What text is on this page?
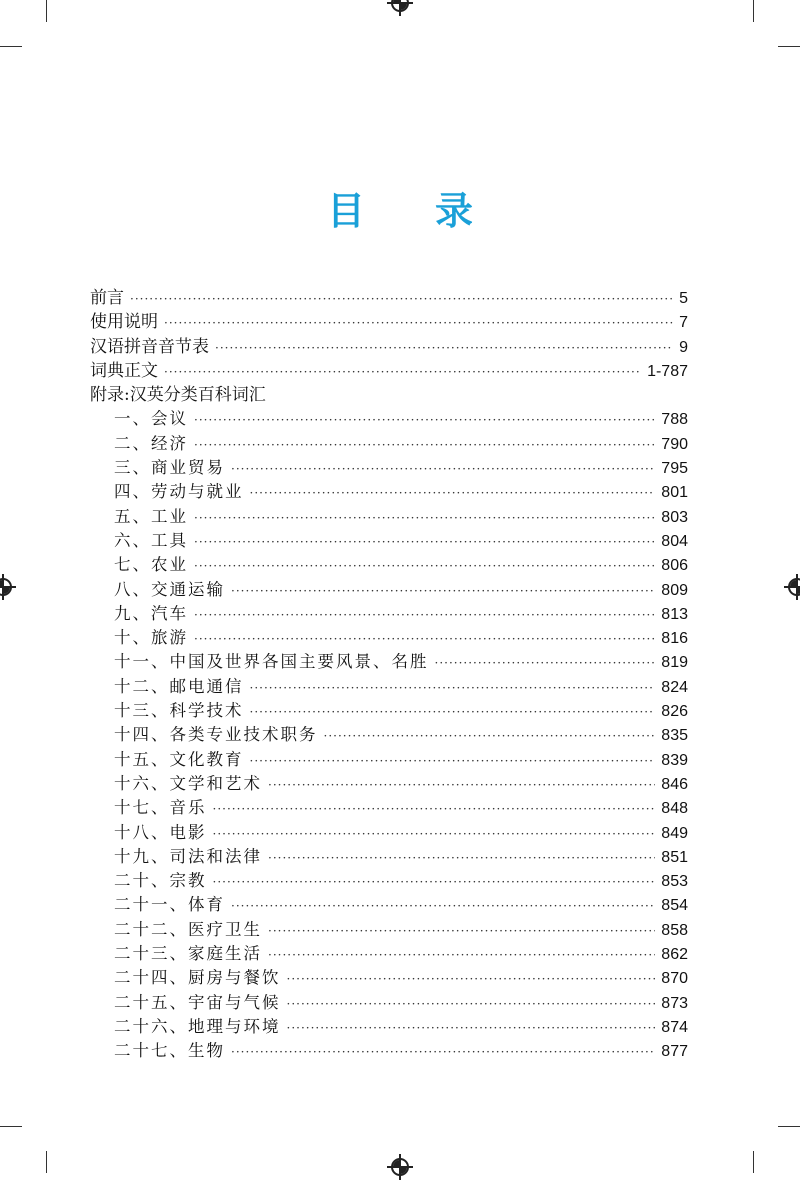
目 录
前言 ·····	5
使用说明 ·····	7
汉语拼音音节表 ·····	9
词典正文 ·····	1-787
附录:汉英分类百科词汇
一、会议 ·····	788
二、经济 ·····	790
三、商业贸易 ·····	795
四、劳动与就业 ·····	801
五、工业 ·····	803
六、工具 ·····	804
七、农业 ·····	806
八、交通运输 ·····	809
九、汽车 ·····	813
十、旅游 ·····	816
十一、中国及世界各国主要风景、名胜 ·····	819
十二、邮电通信 ·····	824
十三、科学技术 ·····	826
十四、各类专业技术职务 ·····	835
十五、文化教育 ·····	839
十六、文学和艺术 ·····	846
十七、音乐 ·····	848
十八、电影 ·····	849
十九、司法和法律 ·····	851
二十、宗教 ·····	853
二十一、体育 ·····	854
二十二、医疗卫生 ·····	858
二十三、家庭生活 ·····	862
二十四、厨房与餐饮 ·····	870
二十五、宇宙与气候 ·····	873
二十六、地理与环境 ·····	874
二十七、生物 ·····	877
